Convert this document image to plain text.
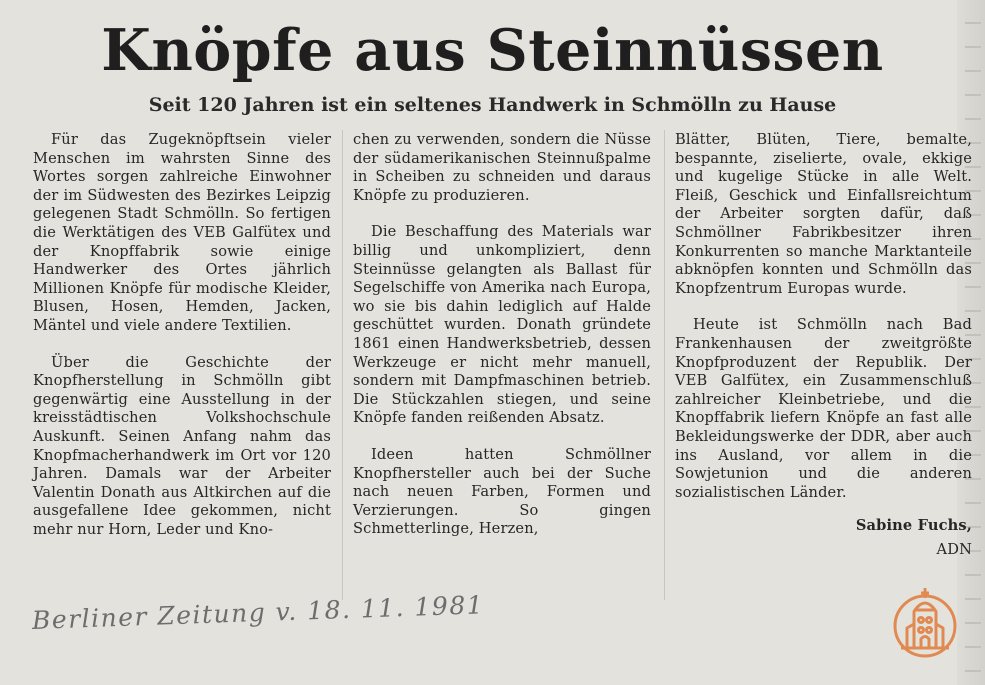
Knöpfe aus Steinnüssen
Seit 120 Jahren ist ein seltenes Handwerk in Schmölln zu Hause

Für das Zugeknöpftsein vieler Menschen im wahrsten Sinne des Wortes sorgen zahlreiche Einwohner der im Südwesten des Bezirkes Leipzig gelegenen Stadt Schmölln. So fertigen die Werktätigen des VEB Galfütex und der Knopffabrik sowie einige Handwerker des Ortes jährlich Millionen Knöpfe für modische Kleider, Blusen, Hosen, Hemden, Jacken, Mäntel und viele andere Textilien.

Über die Geschichte der Knopfherstellung in Schmölln gibt gegenwärtig eine Ausstellung in der kreisstädtischen Volkshochschule Auskunft. Seinen Anfang nahm das Knopfmacherhandwerk im Ort vor 120 Jahren. Damals war der Arbeiter Valentin Donath aus Altkirchen auf die ausgefallene Idee gekommen, nicht mehr nur Horn, Leder und Kno-

chen zu verwenden, sondern die Nüsse der südamerikanischen Steinnußpalme in Scheiben zu schneiden und daraus Knöpfe zu produzieren.

Die Beschaffung des Materials war billig und unkompliziert, denn Steinnüsse gelangten als Ballast für Segelschiffe von Amerika nach Europa, wo sie bis dahin lediglich auf Halde geschüttet wurden. Donath gründete 1861 einen Handwerksbetrieb, dessen Werkzeuge er nicht mehr manuell, sondern mit Dampfmaschinen betrieb. Die Stückzahlen stiegen, und seine Knöpfe fanden reißenden Absatz.

Ideen hatten Schmöllner Knopfhersteller auch bei der Suche nach neuen Farben, Formen und Verzierungen. So gingen Schmetterlinge, Herzen,

Blätter, Blüten, Tiere, bemalte, bespannte, ziselierte, ovale, ekkige und kugelige Stücke in alle Welt. Fleiß, Geschick und Einfallsreichtum der Arbeiter sorgten dafür, daß Schmöllner Fabrikbesitzer ihren Konkurrenten so manche Marktanteile abknöpfen konnten und Schmölln das Knopfzentrum Europas wurde.

Heute ist Schmölln nach Bad Frankenhausen der zweitgrößte Knopfproduzent der Republik. Der VEB Galfütex, ein Zusammenschluß zahlreicher Kleinbetriebe, und die Knopffabrik liefern Knöpfe an fast alle Bekleidungswerke der DDR, aber auch ins Ausland, vor allem in die Sowjetunion und die anderen sozialistischen Länder.

Sabine Fuchs,
ADN

Berliner Zeitung v. 18. 11. 1981
